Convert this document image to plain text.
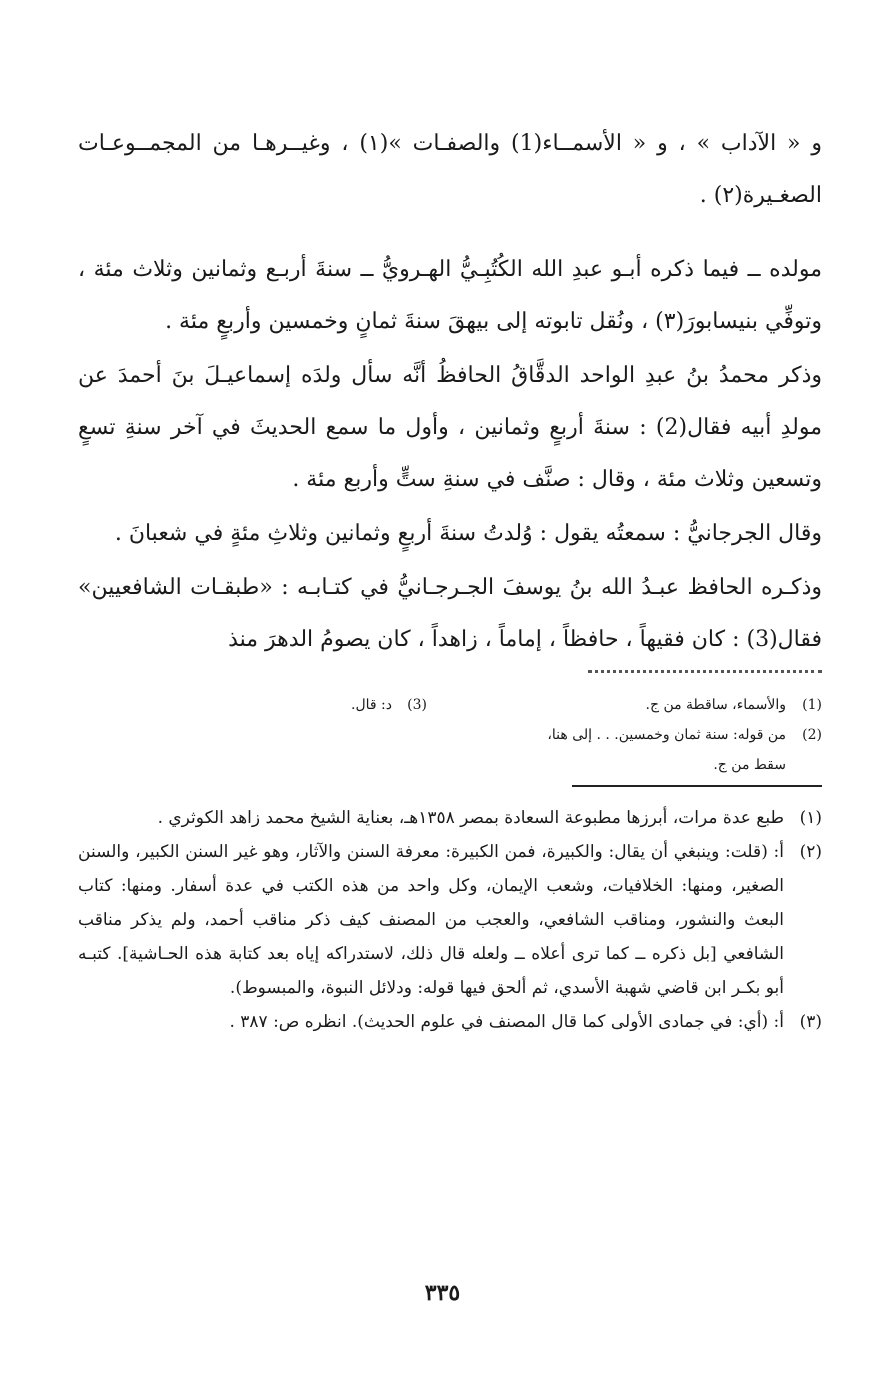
و « الآداب » ، و « الأسمــاء(1) والصفـات »(١) ، وغيــرهـا من المجمــوعـات الصغـيرة(٢) .

مولده ــ فيما ذكره أبـو عبدِ الله الكُتُبِـيُّ الهـرويُّ ــ سنةَ أربـع وثمانين وثلاث مئة ، وتوفِّي بنيسابورَ(٣) ، ونُقل تابوته إلى بيهقَ سنةَ ثمانٍ وخمسين وأربعٍ مئة .

وذكر محمدُ بنُ عبدِ الواحد الدقَّاقُ الحافظُ أنَّه سأل ولدَه إسماعيـلَ بنَ أحمدَ عن مولدِ أبيه فقال(2) : سنةَ أربعٍ وثمانين ، وأول ما سمع الحديثَ في آخر سنةِ تسعٍ وتسعين وثلاث مئة ، وقال : صنَّف في سنةِ ستٍّ وأربع مئة .

وقال الجرجانيُّ : سمعتُه يقول : وُلدتُ سنةَ أربعٍ وثمانين وثلاثِ مئةٍ في شعبانَ .

وذكـره الحافظ عبـدُ الله بنُ يوسفَ الجـرجـانيُّ في كتـابـه : «طبقـات الشافعيين» فقال(3) : كان فقيهاً ، حافظاً ، إماماً ، زاهداً ، كان يصومُ الدهرَ منذ

(1)
والأسماء، ساقطة من ج.
(3)
د: قال.
(2)
من قوله: سنة ثمان وخمسين. . . إلى هنا،
سقط من ج.

(١)
طبع عدة مرات، أبرزها مطبوعة السعادة بمصر ١٣٥٨هـ، بعناية الشيخ محمد زاهد الكوثري .

(٢)
أ: (قلت: وينبغي أن يقال: والكبيرة، فمن الكبيرة: معرفة السنن والآثار، وهو غير السنن الكبير، والسنن الصغير، ومنها: الخلافيات، وشعب الإيمان، وكل واحد من هذه الكتب في عدة أسفار. ومنها: كتاب البعث والنشور، ومناقب الشافعي، والعجب من المصنف كيف ذكر مناقب أحمد، ولم يذكر مناقب الشافعي [بل ذكره ــ كما ترى أعلاه ــ ولعله قال ذلك، لاستدراكه إياه بعد كتابة هذه الحـاشية]. كتبـه أبو بكـر ابن قاضي شهبة الأسدي، ثم ألحق فيها قوله: ودلائل النبوة، والمبسوط).

(٣)
أ: (أي: في جمادى الأولى كما قال المصنف في علوم الحديث). انظره ص: ٣٨٧ .

٣٣٥
